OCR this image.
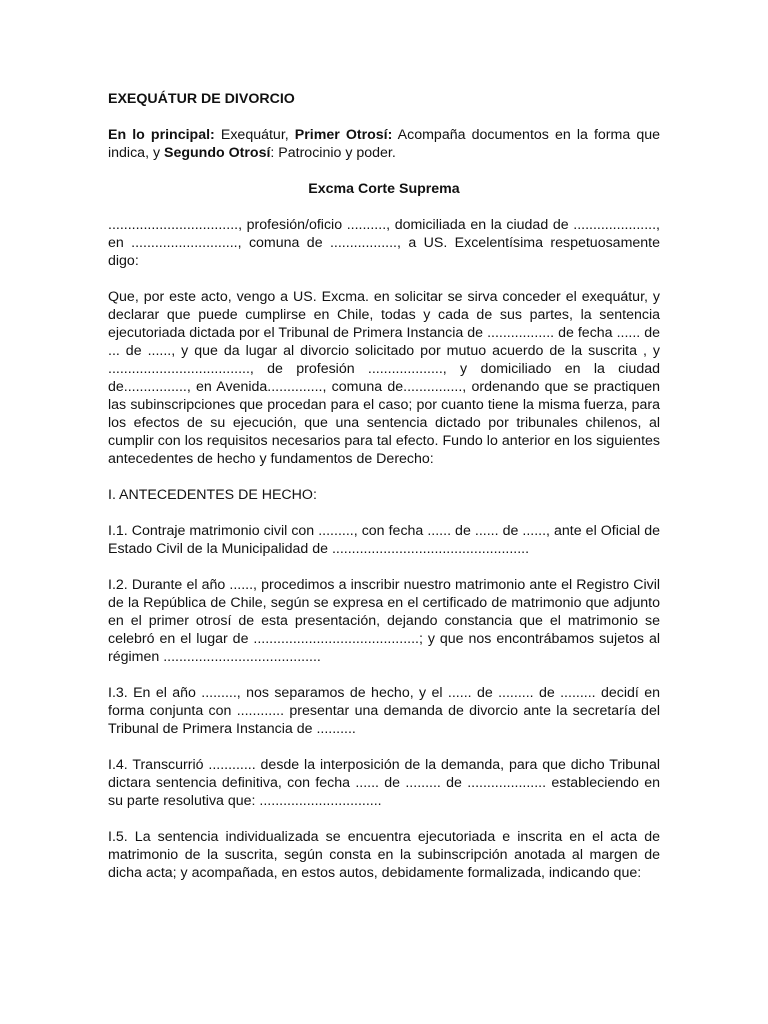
EXEQUÁTUR DE DIVORCIO
En lo principal: Exequátur, Primer Otrosí: Acompaña documentos en la forma que indica, y Segundo Otrosí: Patrocinio y poder.
Excma Corte Suprema
................................., profesión/oficio .........., domiciliada en la ciudad de ....................., en ..........................., comuna de ................., a US. Excelentísima respetuosamente digo:
Que, por este acto, vengo a US. Excma. en solicitar se sirva conceder el exequátur, y declarar que puede cumplirse en Chile, todas y cada de sus partes, la sentencia ejecutoriada dictada por el Tribunal de Primera Instancia de ................. de fecha ...... de ... de ......, y que da lugar al divorcio solicitado por mutuo acuerdo de la suscrita , y ...................................., de profesión ..................., y domiciliado en la ciudad de................, en Avenida.............., comuna de..............., ordenando que se practiquen las subinscripciones que procedan para el caso; por cuanto tiene la misma fuerza, para los efectos de su ejecución, que una sentencia dictado por tribunales chilenos, al cumplir con los requisitos necesarios para tal efecto. Fundo lo anterior en los siguientes antecedentes de hecho y fundamentos de Derecho:
I. ANTECEDENTES DE HECHO:
I.1. Contraje matrimonio civil con ........., con fecha ...... de ...... de ......, ante el Oficial de Estado Civil de la Municipalidad de ..................................................
I.2. Durante el año ......, procedimos a inscribir nuestro matrimonio ante el Registro Civil de la República de Chile, según se expresa en el certificado de matrimonio que adjunto en el primer otrosí de esta presentación, dejando constancia que el matrimonio se celebró en el lugar de ..........................................; y que nos encontrábamos sujetos al régimen ........................................
I.3. En el año ........., nos separamos de hecho, y el ...... de ......... de ......... decidí en forma conjunta con ............ presentar una demanda de divorcio ante la secretaría del Tribunal de Primera Instancia de ..........
I.4. Transcurrió ............ desde la interposición de la demanda, para que dicho Tribunal dictara sentencia definitiva, con fecha ...... de ......... de .................... estableciendo en su parte resolutiva que: ...............................
I.5. La sentencia individualizada se encuentra ejecutoriada e inscrita en el acta de matrimonio de la suscrita, según consta en la subinscripción anotada al margen de dicha acta; y acompañada, en estos autos, debidamente formalizada, indicando que:
